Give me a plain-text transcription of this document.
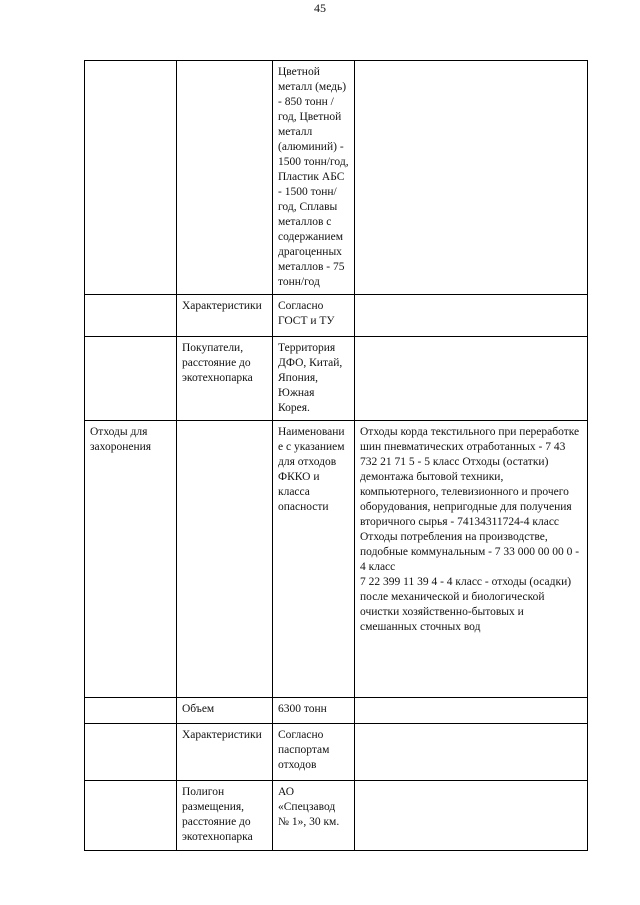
45
		Цветной металл (медь) - 850 тонн / год, Цветной металл (алюминий) - 1500 тонн/год, Пластик АБС - 1500 тонн/год, Сплавы металлов с содержанием драгоценных металлов - 75 тонн/год	
	Характеристики	Согласно ГОСТ и ТУ	
	Покупатели, расстояние до экотехнопарка	Территория ДФО, Китай, Япония, Южная Корея.	
Отходы для захоронения		Наименование с указанием для отходов ФККО и класса опасности	Отходы корда текстильного при переработке шин пневматических отработанных - 7 43 732 21 71 5 - 5 класс Отходы (остатки) демонтажа бытовой техники, компьютерного, телевизионного и прочего оборудования, непригодные для получения вторичного сырья - 74134311724-4 класс Отходы потребления на производстве, подобные коммунальным - 7 33 000 00 00 0 - 4 класс
7 22 399 11 39 4 - 4 класс - отходы (осадки) после механической и биологической очистки хозяйственно-бытовых и смешанных сточных вод
	Объем	6300 тонн	
	Характеристики	Согласно паспортам отходов	
	Полигон размещения, расстояние до экотехнопарка	АО «Спецзавод № 1», 30 км.	
